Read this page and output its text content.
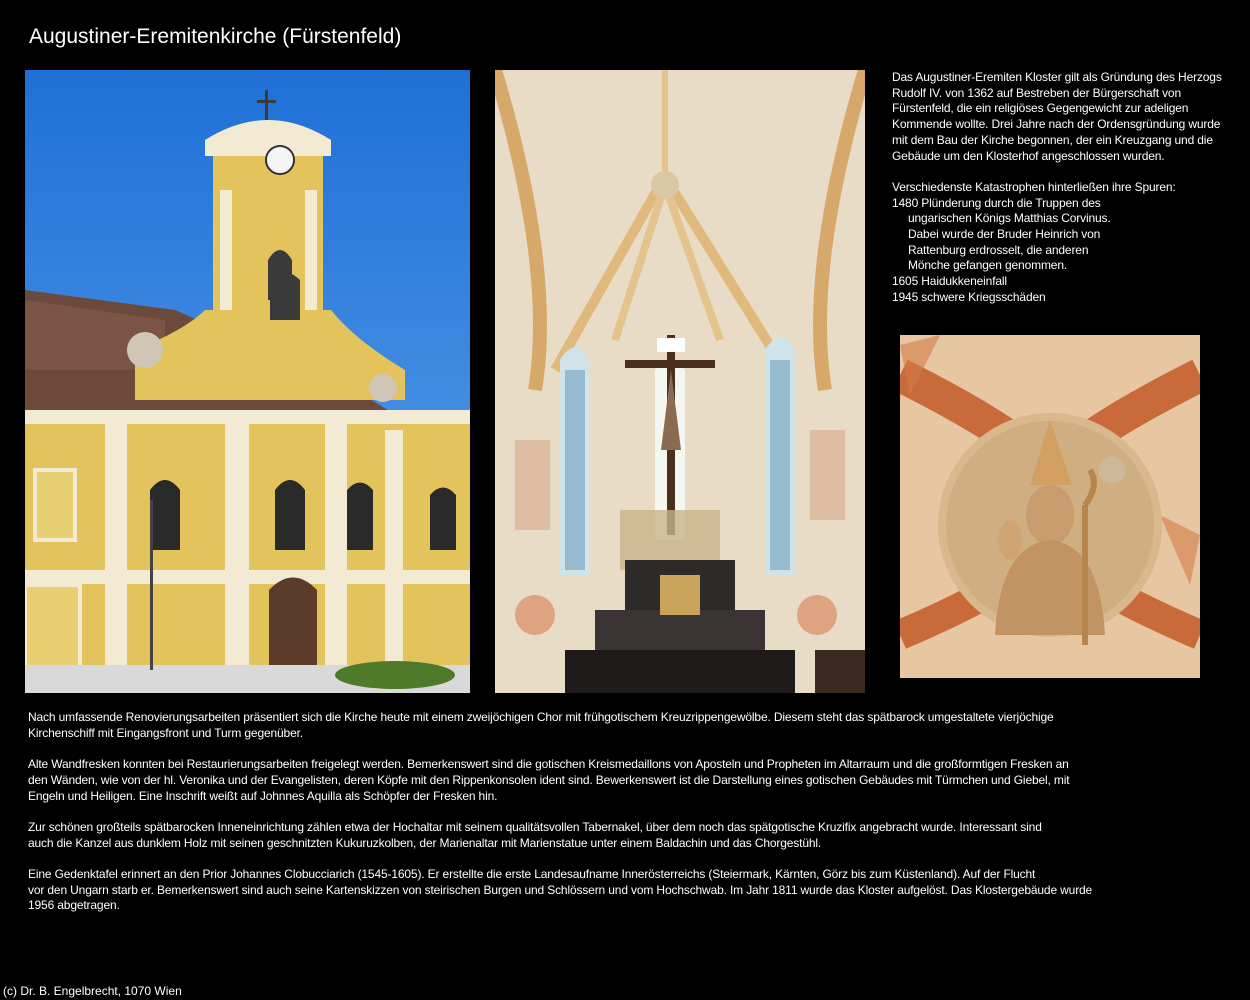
Augustiner-Eremitenkirche (Fürstenfeld)

Das Augustiner-Eremiten Kloster gilt als Gründung des Herzogs
Rudolf IV. von 1362 auf Bestreben der Bürgerschaft von
Fürstenfeld, die ein religiöses Gegengewicht zur adeligen
Kommende wollte. Drei Jahre nach der Ordensgründung wurde
mit dem Bau der Kirche begonnen, der ein Kreuzgang und die
Gebäude um den Klosterhof angeschlossen wurden.

Verschiedenste Katastrophen hinterließen ihre Spuren:
1480 Plünderung durch die Truppen des
ungarischen Königs Matthias Corvinus.
Dabei wurde der Bruder Heinrich von
Rattenburg erdrosselt, die anderen
Mönche gefangen genommen.
1605 Haidukkeneinfall
1945 schwere Kriegsschäden

Nach umfassende Renovierungsarbeiten präsentiert sich die Kirche heute mit einem zweijöchigen Chor mit frühgotischem Kreuzrippengewölbe. Diesem steht das spätbarock umgestaltete vierjöchige
Kirchenschiff mit Eingangsfront und Turm gegenüber.

Alte Wandfresken konnten bei Restaurierungsarbeiten freigelegt werden. Bemerkenswert sind die gotischen Kreismedaillons von Aposteln und Propheten im Altarraum und die großformtigen Fresken an
den Wänden, wie von der hl. Veronika und der Evangelisten, deren Köpfe mit den Rippenkonsolen ident sind. Bewerkenswert ist die Darstellung eines gotischen Gebäudes mit Türmchen und Giebel, mit
Engeln und Heiligen. Eine Inschrift weißt auf Johnnes Aquilla als Schöpfer der Fresken hin.

Zur schönen großteils spätbarocken Inneneinrichtung zählen etwa der Hochaltar mit seinem qualitätsvollen Tabernakel, über dem noch das spätgotische Kruzifix angebracht wurde. Interessant sind
auch die Kanzel aus dunklem Holz mit seinen geschnitzten Kukuruzkolben, der Marienaltar mit Marienstatue unter einem Baldachin und das Chorgestühl.

Eine Gedenktafel erinnert an den Prior Johannes Clobucciarich (1545-1605). Er erstellte die erste Landesaufname Innerösterreichs (Steiermark, Kärnten, Görz bis zum Küstenland). Auf der Flucht
vor den Ungarn starb er. Bemerkenswert sind auch seine Kartenskizzen von steirischen Burgen und Schlössern und vom Hochschwab. Im Jahr 1811 wurde das Kloster aufgelöst. Das Klostergebäude wurde
1956 abgetragen.

(c) Dr. B. Engelbrecht, 1070 Wien
